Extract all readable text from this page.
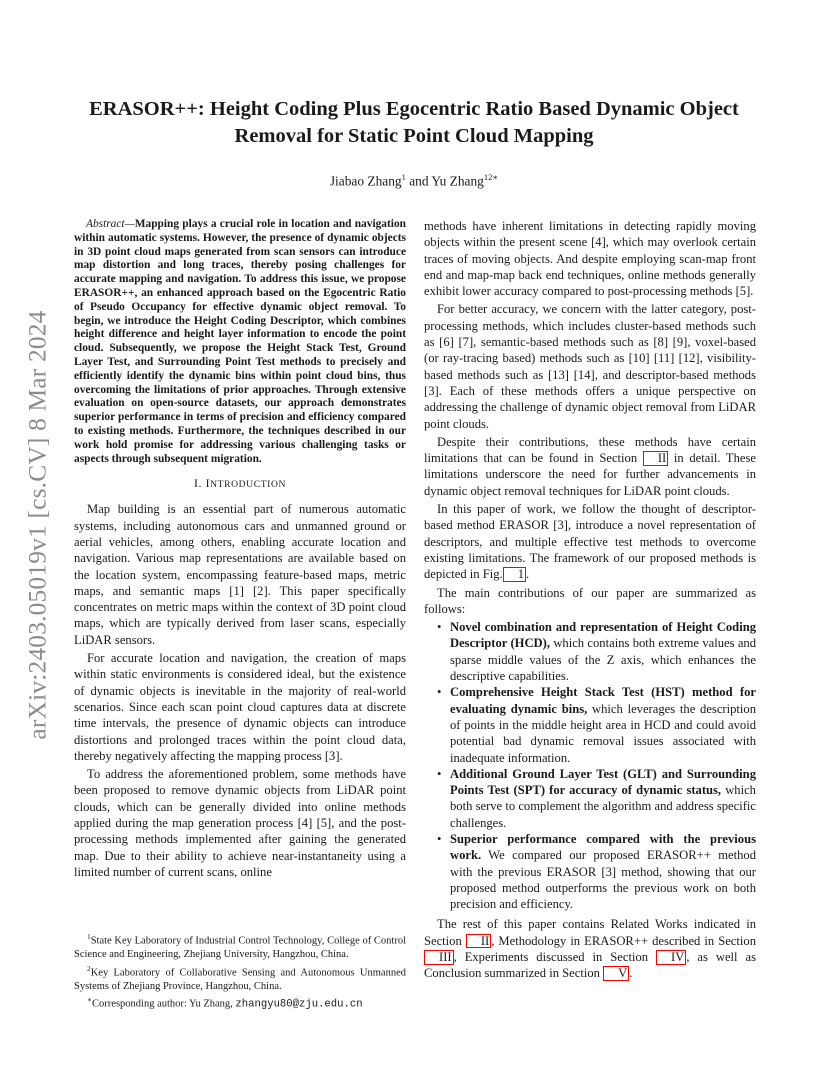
arXiv:2403.05019v1 [cs.CV] 8 Mar 2024
ERASOR++: Height Coding Plus Egocentric Ratio Based Dynamic Object Removal for Static Point Cloud Mapping
Jiabao Zhang$^1$ and Yu Zhang$^{12∗}$

Abstract—Mapping plays a crucial role in location and navigation within automatic systems. However, the presence of dynamic objects in 3D point cloud maps generated from scan sensors can introduce map distortion and long traces, thereby posing challenges for accurate mapping and navigation. To address this issue, we propose ERASOR++, an enhanced approach based on the Egocentric Ratio of Pseudo Occupancy for effective dynamic object removal. To begin, we introduce the Height Coding Descriptor, which combines height difference and height layer information to encode the point cloud. Subsequently, we propose the Height Stack Test, Ground Layer Test, and Surrounding Point Test methods to precisely and efficiently identify the dynamic bins within point cloud bins, thus overcoming the limitations of prior approaches. Through extensive evaluation on open-source datasets, our approach demonstrates superior performance in terms of precision and efficiency compared to existing methods. Furthermore, the techniques described in our work hold promise for addressing various challenging tasks or aspects through subsequent migration.

I. INTRODUCTION

Map building is an essential part of numerous automatic systems, including autonomous cars and unmanned ground or aerial vehicles, among others, enabling accurate location and navigation. Various map representations are available based on the location system, encompassing feature-based maps, metric maps, and semantic maps [1] [2]. This paper specifically concentrates on metric maps within the context of 3D point cloud maps, which are typically derived from laser scans, especially LiDAR sensors.

For accurate location and navigation, the creation of maps within static environments is considered ideal, but the existence of dynamic objects is inevitable in the majority of real-world scenarios. Since each scan point cloud captures data at discrete time intervals, the presence of dynamic objects can introduce distortions and prolonged traces within the point cloud data, thereby negatively affecting the mapping process [3].

To address the aforementioned problem, some methods have been proposed to remove dynamic objects from LiDAR point clouds, which can be generally divided into online methods applied during the map generation process [4] [5], and the post-processing methods implemented after gaining the generated map. Due to their ability to achieve near-instantaneity using a limited number of current scans, online

methods have inherent limitations in detecting rapidly moving objects within the present scene [4], which may overlook certain traces of moving objects. And despite employing scan-map front end and map-map back end techniques, online methods generally exhibit lower accuracy compared to post-processing methods [5].

For better accuracy, we concern with the latter category, post-processing methods, which includes cluster-based methods such as [6] [7], semantic-based methods such as [8] [9], voxel-based (or ray-tracing based) methods such as [10] [11] [12], visibility-based methods such as [13] [14], and descriptor-based methods [3]. Each of these methods offers a unique perspective on addressing the challenge of dynamic object removal from LiDAR point clouds.

Despite their contributions, these methods have certain limitations that can be found in Section II in detail. These limitations underscore the need for further advancements in dynamic object removal techniques for LiDAR point clouds.

In this paper of work, we follow the thought of descriptor-based method ERASOR [3], introduce a novel representation of descriptors, and multiple effective test methods to overcome existing limitations. The framework of our proposed methods is depicted in Fig. 1 .

The main contributions of our paper are summarized as follows:

• Novel combination and representation of Height Coding Descriptor (HCD), which contains both extreme values and sparse middle values of the Z axis, which enhances the descriptive capabilities.
• Comprehensive Height Stack Test (HST) method for evaluating dynamic bins, which leverages the description of points in the middle height area in HCD and could avoid potential bad dynamic removal issues associated with inadequate information.
• Additional Ground Layer Test (GLT) and Surrounding Points Test (SPT) for accuracy of dynamic status, which both serve to complement the algorithm and address specific challenges.
• Superior performance compared with the previous work. We compared our proposed ERASOR++ method with the previous ERASOR [3] method, showing that our proposed method outperforms the previous work on both precision and efficiency.

The rest of this paper contains Related Works indicated in Section II , Methodology in ERASOR++ described in Section III , Experiments discussed in Section IV , as well as Conclusion summarized in Section V .

$^1$State Key Laboratory of Industrial Control Technology, College of Control Science and Engineering, Zhejiang University, Hangzhou, China.

$^2$Key Laboratory of Collaborative Sensing and Autonomous Unmanned Systems of Zhejiang Province, Hangzhou, China.

∗Corresponding author: Yu Zhang, zhangyu80@zju.edu.cn
